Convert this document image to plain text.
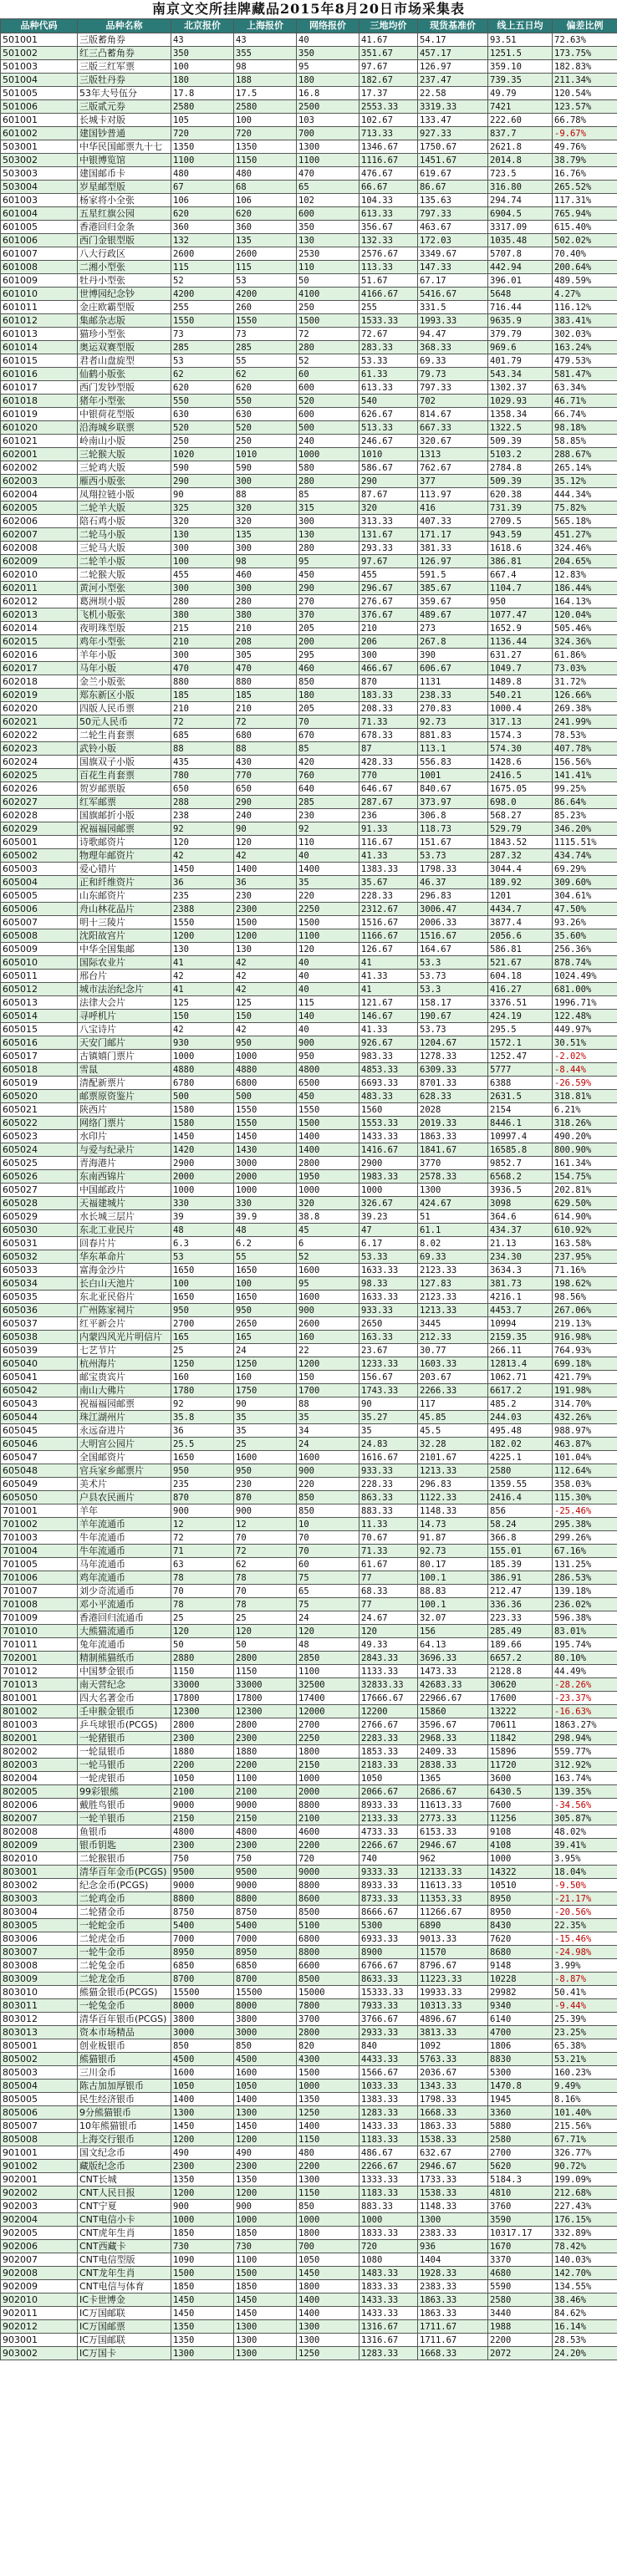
南京文交所挂牌藏品2015年8月20日市场采集表
品种代码	品种名称	北京报价	上海报价	网络报价	三地均价	现货基准价	线上五日均	偏差比例
501001	三版蓄角券	43	43	40	41.67	54.17	93.51	72.63%
501002	红三凸蓄角券	350	355	350	351.67	457.17	1251.5	173.75%
501003	三版三红军票	100	98	95	97.67	126.97	359.10	182.83%
501004	三版牡丹券	180	188	180	182.67	237.47	739.35	211.34%
501005	53年大号伍分	17.8	17.5	16.8	17.37	22.58	49.79	120.54%
501006	三版贰元券	2580	2580	2500	2553.33	3319.33	7421	123.57%
601001	长城卡对版	105	100	103	102.67	133.47	222.60	66.78%
601002	建国钞普通	720	720	700	713.33	927.33	837.7	-9.67%
503001	中华民国邮票九十七	1350	1350	1300	1346.67	1750.67	2621.8	49.76%
503002	中银博览馆	1100	1150	1100	1116.67	1451.67	2014.8	38.79%
503003	建国邮币卡	480	480	470	476.67	619.67	723.5	16.76%
503004	岁星邮型版	67	68	65	66.67	86.67	316.80	265.52%
601003	杨家将小全张	106	106	102	104.33	135.63	294.74	117.31%
601004	五星红旗公园	620	620	600	613.33	797.33	6904.5	765.94%
601005	香港回归金条	360	360	350	356.67	463.67	3317.09	615.40%
601006	西门金银型版	132	135	130	132.33	172.03	1035.48	502.02%
601007	八大行政区	2600	2600	2530	2576.67	3349.67	5707.8	70.40%
601008	二湘小型张	115	115	110	113.33	147.33	442.94	200.64%
601009	牡丹小型张	52	53	50	51.67	67.17	396.01	489.59%
601010	世博园纪念钞	4200	4200	4100	4166.67	5416.67	5648	4.27%
601011	金庄欧霸型版	255	260	250	255	331.5	716.44	116.12%
601012	集邮杂志版	1550	1550	1500	1533.33	1993.33	9635.9	383.41%
601013	猫珍小型张	73	73	72	72.67	94.47	379.79	302.03%
601014	奥运双赛型版	285	285	280	283.33	368.33	969.6	163.24%
601015	君者山盘旋型	53	55	52	53.33	69.33	401.79	479.53%
601016	仙鹤小版张	62	62	60	61.33	79.73	543.34	581.47%
601017	西门发钞型版	620	620	600	613.33	797.33	1302.37	63.34%
601018	猪年小型张	550	550	520	540	702	1029.93	46.71%
601019	中银荷花型版	630	630	600	626.67	814.67	1358.34	66.74%
601020	沿海城乡联票	520	520	500	513.33	667.33	1322.5	98.18%
601021	岭南山小版	250	250	240	246.67	320.67	509.39	58.85%
602001	三轮猴大版	1020	1010	1000	1010	1313	5103.2	288.67%
602002	三轮鸡大版	590	590	580	586.67	762.67	2784.8	265.14%
602003	雁西小版张	290	300	280	290	377	509.39	35.12%
602004	凤翔拉链小版	90	88	85	87.67	113.97	620.38	444.34%
602005	二轮羊大版	325	320	315	320	416	731.39	75.82%
602006	陪石鸡小版	320	320	300	313.33	407.33	2709.5	565.18%
602007	二轮马小版	130	135	130	131.67	171.17	943.59	451.27%
602008	三轮马大版	300	300	280	293.33	381.33	1618.6	324.46%
602009	二轮羊小版	100	98	95	97.67	126.97	386.81	204.65%
602010	二轮猴大版	455	460	450	455	591.5	667.4	12.83%
602011	黄河小型张	300	300	290	296.67	385.67	1104.7	186.44%
602012	葛洲坝小版	280	280	270	276.67	359.67	950	164.13%
602013	飞机小版张	380	380	370	376.67	489.67	1077.47	120.04%
602014	夜明珠型版	215	210	205	210	273	1652.9	505.46%
602015	鸡年小型张	210	208	200	206	267.8	1136.44	324.36%
602016	羊年小版	300	305	295	300	390	631.27	61.86%
602017	马年小版	470	470	460	466.67	606.67	1049.7	73.03%
602018	金兰小版张	880	880	850	870	1131	1489.8	31.72%
602019	郑东新区小版	185	185	180	183.33	238.33	540.21	126.66%
602020	四版人民币票	210	210	205	208.33	270.83	1000.4	269.38%
602021	50元人民币	72	72	70	71.33	92.73	317.13	241.99%
602022	二轮生肖套票	685	680	670	678.33	881.83	1574.3	78.53%
602023	武铃小版	88	88	85	87	113.1	574.30	407.78%
602024	国旗双子小版	435	430	420	428.33	556.83	1428.6	156.56%
602025	百花生肖套票	780	770	760	770	1001	2416.5	141.41%
602026	贺岁邮票版	650	650	640	646.67	840.67	1675.05	99.25%
602027	红军邮票	288	290	285	287.67	373.97	698.0	86.64%
602028	国旗邮折小版	238	240	230	236	306.8	568.27	85.23%
602029	祝福福园邮票	92	90	92	91.33	118.73	529.79	346.20%
605001	诗歌邮资片	120	120	110	116.67	151.67	1843.52	1115.51%
605002	物理年邮资片	42	42	40	41.33	53.73	287.32	434.74%
605003	爱心错片	1450	1400	1400	1383.33	1798.33	3044.4	69.29%
605004	正和纤维资片	36	36	35	35.67	46.37	189.92	309.60%
605005	山东邮资片	235	230	220	228.33	296.83	1201	304.61%
605006	舟山林花品片	2388	2300	2250	2312.67	3006.47	4434.7	47.50%
605007	明十三陵片	1550	1500	1500	1516.67	2006.33	3877.4	93.26%
605008	沈阳故宫片	1200	1200	1100	1166.67	1516.67	2056.6	35.60%
605009	中华全国集邮	130	130	120	126.67	164.67	586.81	256.36%
605010	国际农业片	41	42	40	41	53.3	521.67	878.74%
605011	邢台片	42	42	40	41.33	53.73	604.18	1024.49%
605012	城市法治纪念片	41	42	40	41	53.3	416.27	681.00%
605013	法律大会片	125	125	115	121.67	158.17	3376.51	1996.71%
605014	寻呼机片	150	150	140	146.67	190.67	424.19	122.48%
605015	八宝诗片	42	42	40	41.33	53.73	295.5	449.97%
605016	天安门邮片	930	950	900	926.67	1204.67	1572.1	30.51%
605017	古镇嬉门票片	1000	1000	950	983.33	1278.33	1252.47	-2.02%
605018	雪鼠	4880	4880	4800	4853.33	6309.33	5777	-8.44%
605019	清配新票片	6780	6800	6500	6693.33	8701.33	6388	-26.59%
605020	邮票原资鉴片	500	500	450	483.33	628.33	2631.5	318.81%
605021	陕西片	1580	1550	1550	1560	2028	2154	6.21%
605022	网络门票片	1580	1550	1500	1553.33	2019.33	8446.1	318.26%
605023	水印片	1450	1450	1400	1433.33	1863.33	10997.4	490.20%
605024	与爱与纪录片	1420	1430	1400	1416.67	1841.67	16585.8	800.90%
605025	青海港片	2900	3000	2800	2900	3770	9852.7	161.34%
605026	东南西锦片	2000	2000	1950	1983.33	2578.33	6568.2	154.75%
605027	中国邮政片	1000	1000	1000	1000	1300	3936.5	202.81%
605028	天福建城片	330	330	320	326.67	424.67	3098	629.50%
605029	水长城三层片	39	39.9	38.8	39.23	51	364.6	614.90%
605030	东北工业民片	48	48	45	47	61.1	434.37	610.92%
605031	回春片片	6.3	6.2	6	6.17	8.02	21.13	163.58%
605032	华东革命片	53	55	52	53.33	69.33	234.30	237.95%
605033	富海金沙片	1650	1650	1600	1633.33	2123.33	3634.3	71.16%
605034	长白山天池片	100	100	95	98.33	127.83	381.73	198.62%
605035	东北亚民俗片	1650	1650	1600	1633.33	2123.33	4216.1	98.56%
605036	广州陈家祠片	950	950	900	933.33	1213.33	4453.7	267.06%
605037	红平新会片	2700	2650	2600	2650	3445	10994	219.13%
605038	内蒙四风光片明信片	165	165	160	163.33	212.33	2159.35	916.98%
605039	七艺节片	25	24	22	23.67	30.77	266.11	764.93%
605040	杭州海片	1250	1250	1200	1233.33	1603.33	12813.4	699.18%
605041	邮宝贵宾片	160	160	150	156.67	203.67	1062.71	421.79%
605042	南山大佛片	1780	1750	1700	1743.33	2266.33	6617.2	191.98%
605043	祝福福园邮票	92	90	88	90	117	485.2	314.70%
605044	珠江湖州片	35.8	35	35	35.27	45.85	244.03	432.26%
605045	永远奋进片	36	35	34	35	45.5	495.48	988.97%
605046	大明宫公园片	25.5	25	24	24.83	32.28	182.02	463.87%
605047	全国邮资片	1650	1600	1600	1616.67	2101.67	4225.1	101.04%
605048	官兵家乡邮票片	950	950	900	933.33	1213.33	2580	112.64%
605049	美术片	235	230	220	228.33	296.83	1359.55	358.03%
605050	户县农民画片	870	870	850	863.33	1122.33	2416.4	115.30%
701001	羊年	900	900	850	883.33	1148.33	856	-25.46%
701002	羊年流通币	12	12	10	11.33	14.73	58.24	295.38%
701003	牛年流通币	72	70	70	70.67	91.87	366.8	299.26%
701004	牛年流通币	71	72	70	71.33	92.73	155.01	67.16%
701005	马年流通币	63	62	60	61.67	80.17	185.39	131.25%
701006	鸡年流通币	78	78	75	77	100.1	386.91	286.53%
701007	刘少奇流通币	70	70	65	68.33	88.83	212.47	139.18%
701008	邓小平流通币	78	78	75	77	100.1	336.36	236.02%
701009	香港回归流通币	25	25	24	24.67	32.07	223.33	596.38%
701010	大熊猫流通币	120	120	120	120	156	285.49	83.01%
701011	兔年流通币	50	50	48	49.33	64.13	189.66	195.74%
702001	精制熊猫纸币	2880	2800	2850	2843.33	3696.33	6657.2	80.10%
701012	中国梦金银币	1150	1150	1100	1133.33	1473.33	2128.8	44.49%
701013	南天营纪念	33000	33000	32500	32833.33	42683.33	30620	-28.26%
801001	四大名著金币	17800	17800	17400	17666.67	22966.67	17600	-23.37%
801002	壬申猴金银币	12300	12300	12000	12200	15860	13222	-16.63%
801003	乒乓球银币(PCGS)	2800	2800	2700	2766.67	3596.67	70611	1863.27%
802001	一轮猪银币	2300	2300	2250	2283.33	2968.33	11842	298.94%
802002	一轮鼠银币	1880	1880	1800	1853.33	2409.33	15896	559.77%
802003	一轮马银币	2200	2200	2150	2183.33	2838.33	11720	312.92%
802004	一轮虎银币	1050	1100	1000	1050	1365	3600	163.74%
802005	99彩银熊	2100	2100	2000	2066.67	2686.67	6430.5	139.35%
802006	戴胜鸟银币	9000	9000	8800	8933.33	11613.33	7600	-34.56%
802007	一轮羊银币	2150	2150	2100	2133.33	2773.33	11256	305.87%
802008	鱼银币	4800	4800	4600	4733.33	6153.33	9108	48.02%
802009	银币钥匙	2300	2300	2200	2266.67	2946.67	4108	39.41%
802010	二轮猴银币	750	750	720	740	962	1000	3.95%
803001	清华百年金币(PCGS)	9500	9500	9000	9333.33	12133.33	14322	18.04%
803002	纪念金币(PCGS)	9000	9000	8800	8933.33	11613.33	10510	-9.50%
803003	二轮鸡金币	8800	8800	8600	8733.33	11353.33	8950	-21.17%
803004	二轮猪金币	8750	8750	8500	8666.67	11266.67	8950	-20.56%
803005	一轮蛇金币	5400	5400	5100	5300	6890	8430	22.35%
803006	二轮虎金币	7000	7000	6800	6933.33	9013.33	7620	-15.46%
803007	一轮牛金币	8950	8950	8800	8900	11570	8680	-24.98%
803008	二轮兔金币	6850	6850	6600	6766.67	8796.67	9148	3.99%
803009	二轮龙金币	8700	8700	8500	8633.33	11223.33	10228	-8.87%
803010	熊猫金银币(PCGS)	15500	15500	15000	15333.33	19933.33	29982	50.41%
803011	一轮兔金币	8000	8000	7800	7933.33	10313.33	9340	-9.44%
803012	清华百年银币(PCGS)	3800	3800	3700	3766.67	4896.67	6140	25.39%
803013	资本市场精品	3000	3000	2800	2933.33	3813.33	4700	23.25%
805001	创业板银币	850	850	820	840	1092	1806	65.38%
805002	熊猫银币	4500	4500	4300	4433.33	5763.33	8830	53.21%
805003	三川金币	1600	1600	1500	1566.67	2036.67	5300	160.23%
805004	陈古加加厚银币	1050	1050	1000	1033.33	1343.33	1470.8	9.49%
805005	民生经济银币	1400	1400	1350	1383.33	1798.33	1945	8.16%
805006	9分熊猫银币	1300	1300	1250	1283.33	1668.33	3360	101.40%
805007	10年熊猫银币	1450	1450	1400	1433.33	1863.33	5880	215.56%
805008	上海交行银币	1200	1200	1150	1183.33	1538.33	2580	67.71%
901001	国文纪念币	490	490	480	486.67	632.67	2700	326.77%
901002	藏版纪念币	2300	2300	2200	2266.67	2946.67	5620	90.72%
902001	CNT长城	1350	1350	1300	1333.33	1733.33	5184.3	199.09%
902002	CNT人民日报	1200	1200	1150	1183.33	1538.33	4810	212.68%
902003	CNT宁夏	900	900	850	883.33	1148.33	3760	227.43%
902004	CNT电信小卡	1000	1000	1000	1000	1300	3590	176.15%
902005	CNT虎年生肖	1850	1850	1800	1833.33	2383.33	10317.17	332.89%
902006	CNT西藏卡	730	730	700	720	936	1670	78.42%
902007	CNT电信型版	1090	1100	1050	1080	1404	3370	140.03%
902008	CNT龙年生肖	1500	1500	1450	1483.33	1928.33	4680	142.70%
902009	CNT电信与体育	1850	1850	1800	1833.33	2383.33	5590	134.55%
902010	IC卡世博金	1450	1450	1400	1433.33	1863.33	2580	38.46%
902011	IC万国邮联	1450	1450	1400	1433.33	1863.33	3440	84.62%
902012	IC万国邮票	1350	1300	1300	1316.67	1711.67	1988	16.14%
903001	IC万国邮联	1350	1300	1300	1316.67	1711.67	2200	28.53%
903002	IC万国卡	1300	1300	1250	1283.33	1668.33	2072	24.20%
